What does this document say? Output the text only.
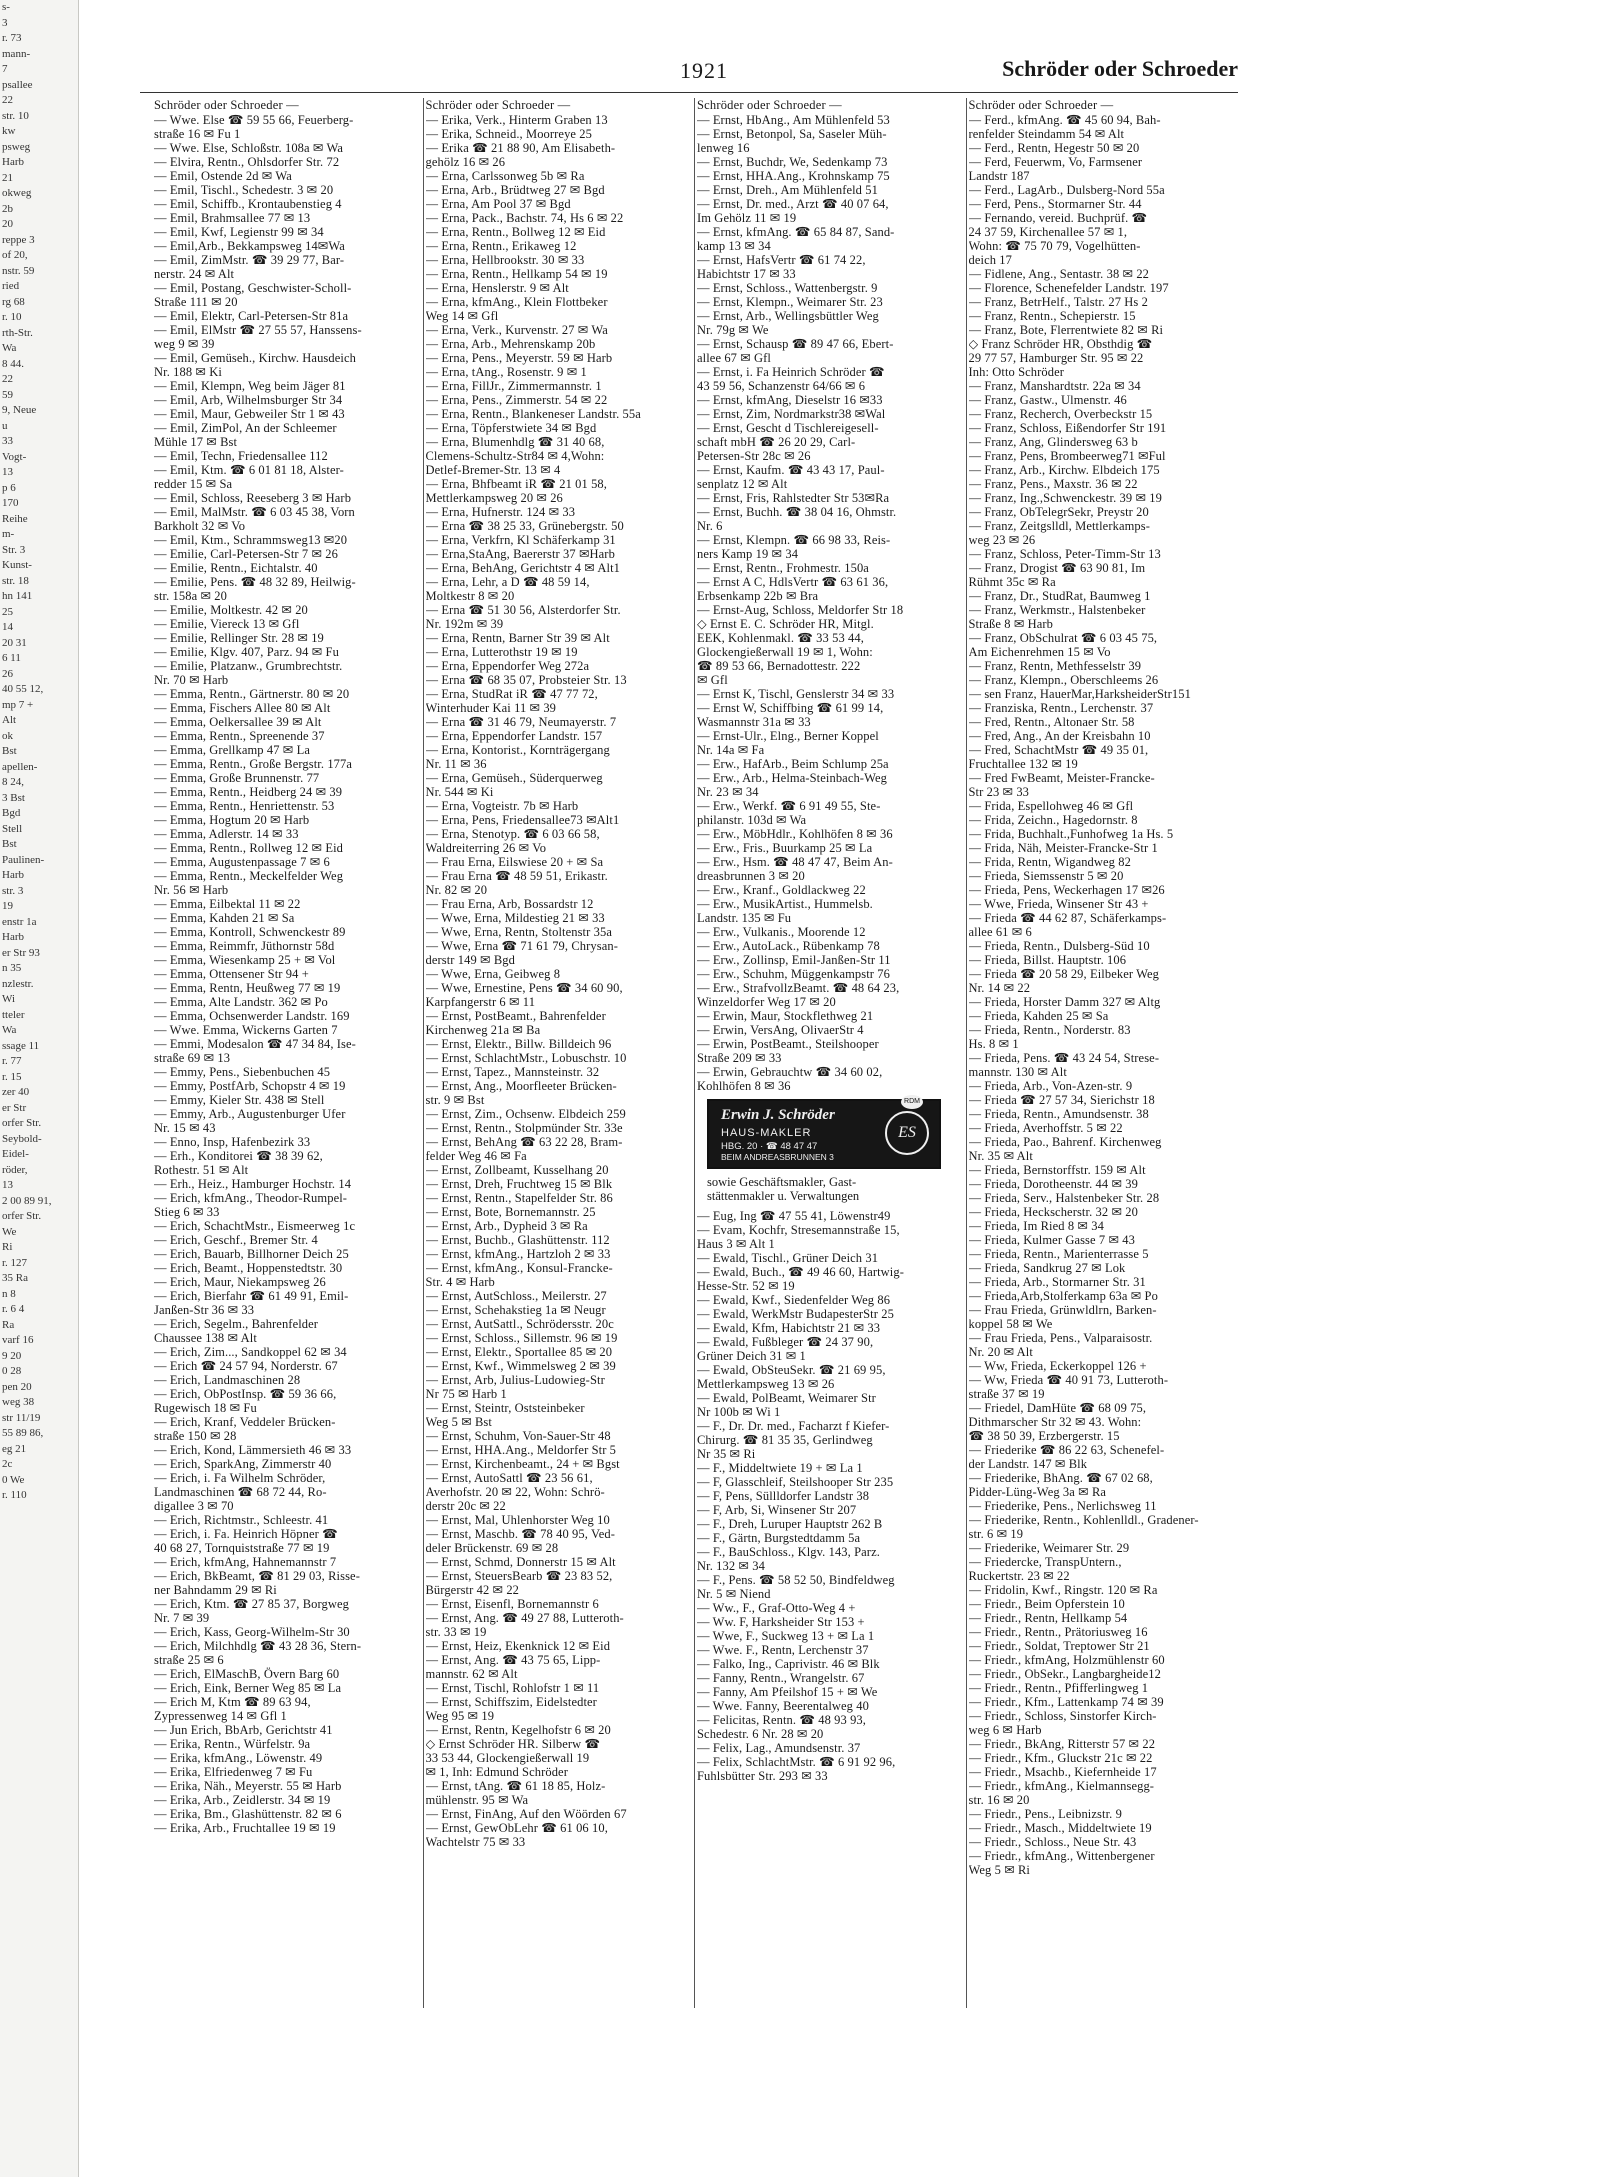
s-
3
r. 73
mann-
7
psallee
22
str. 10
kw
psweg
Harb
21
okweg
2b
20
reppe 3
of 20,
nstr. 59
ried
rg 68
r. 10
rth-Str.
Wa
8 44.
22
59
9, Neue
u
33
Vogt-
13
p 6
170
Reihe
m-
Str. 3
Kunst-
str. 18
hn 141
25
14
20 31
6 11
26
40 55 12,
mp 7 +
Alt
ok
Bst
apellen-
8 24,
3 Bst
Bgd
Stell
Bst
Paulinen-
Harb
str. 3
19
enstr 1a
Harb
er Str 93
n 35
nzlestr.
Wi
tteler
Wa
ssage 11
r. 77
r. 15
zer 40
er Str
orfer Str.
Seybold-
Eidel-
röder,
13
2 00 89 91,
orfer Str.
We
Ri
r. 127
35 Ra
n 8
r. 6 4
Ra
varf 16
9 20
0 28
pen 20
weg 38
str 11/19
55 89 86,
eg 21
2c
0 We
r. 110
1921	Schröder oder Schroeder
Schröder oder Schroeder —
— Wwe. Else ☎ 59 55 66, Feuerberg-
straße 16 ✉ Fu 1
— Wwe. Else, Schloßstr. 108a ✉ Wa
— Elvira, Rentn., Ohlsdorfer Str. 72
— Emil, Ostende 2d ✉ Wa
— Emil, Tischl., Schedestr. 3 ✉ 20
— Emil, Schiffb., Krontaubenstieg 4
— Emil, Brahmsallee 77 ✉ 13
— Emil, Kwf, Legienstr 99 ✉ 34
— Emil,Arb., Bekkampsweg 14✉Wa
— Emil, ZimMstr. ☎ 39 29 77, Bar-
nerstr. 24 ✉ Alt
— Emil, Postang, Geschwister-Scholl-
Straße 111 ✉ 20
— Emil, Elektr, Carl-Petersen-Str 81a
— Emil, ElMstr ☎ 27 55 57, Hanssens-
weg 9 ✉ 39
— Emil, Gemüseh., Kirchw. Hausdeich
Nr. 188 ✉ Ki
— Emil, Klempn, Weg beim Jäger 81
— Emil, Arb, Wilhelmsburger Str 34
— Emil, Maur, Gebweiler Str 1 ✉ 43
— Emil, ZimPol, An der Schleemer
Mühle 17 ✉ Bst
— Emil, Techn, Friedensallee 112
— Emil, Ktm. ☎ 6 01 81 18, Alster-
redder 15 ✉ Sa
— Emil, Schloss, Reeseberg 3 ✉ Harb
— Emil, MalMstr. ☎ 6 03 45 38, Vorn
Barkholt 32 ✉ Vo
— Emil, Ktm., Schrammsweg13 ✉20
— Emilie, Carl-Petersen-Str 7 ✉ 26
— Emilie, Rentn., Eichtalstr. 40
— Emilie, Pens. ☎ 48 32 89, Heilwig-
str. 158a ✉ 20
— Emilie, Moltkestr. 42 ✉ 20
— Emilie, Viereck 13 ✉ Gfl
— Emilie, Rellinger Str. 28 ✉ 19
— Emilie, Klgv. 407, Parz. 94 ✉ Fu
— Emilie, Platzanw., Grumbrechtstr.
Nr. 70 ✉ Harb
— Emma, Rentn., Gärtnerstr. 80 ✉ 20
— Emma, Fischers Allee 80 ✉ Alt
— Emma, Oelkersallee 39 ✉ Alt
— Emma, Rentn., Spreenende 37
— Emma, Grellkamp 47 ✉ La
— Emma, Rentn., Große Bergstr. 177a
— Emma, Große Brunnenstr. 77
— Emma, Rentn., Heidberg 24 ✉ 39
— Emma, Rentn., Henriettenstr. 53
— Emma, Hogtum 20 ✉ Harb
— Emma, Adlerstr. 14 ✉ 33
— Emma, Rentn., Rollweg 12 ✉ Eid
— Emma, Augustenpassage 7 ✉ 6
— Emma, Rentn., Meckelfelder Weg
Nr. 56 ✉ Harb
— Emma, Eilbektal 11 ✉ 22
— Emma, Kahden 21 ✉ Sa
— Emma, Kontroll, Schwenckestr 89
— Emma, Reimmfr, Jüthornstr 58d
— Emma, Wiesenkamp 25 + ✉ Vol
— Emma, Ottensener Str 94 +
— Emma, Rentn, Heußweg 77 ✉ 19
— Emma, Alte Landstr. 362 ✉ Po
— Emma, Ochsenwerder Landstr. 169
— Wwe. Emma, Wickerns Garten 7
— Emmi, Modesalon ☎ 47 34 84, Ise-
straße 69 ✉ 13
— Emmy, Pens., Siebenbuchen 45
— Emmy, PostfArb, Schopstr 4 ✉ 19
— Emmy, Kieler Str. 438 ✉ Stell
— Emmy, Arb., Augustenburger Ufer
Nr. 15 ✉ 43
— Enno, Insp, Hafenbezirk 33
— Erh., Konditorei ☎ 38 39 62,
Rothestr. 51 ✉ Alt
— Erh., Heiz., Hamburger Hochstr. 14
— Erich, kfmAng., Theodor-Rumpel-
Stieg 6 ✉ 33
— Erich, SchachtMstr., Eismeerweg 1c
— Erich, Geschf., Bremer Str. 4
— Erich, Bauarb, Billhorner Deich 25
— Erich, Beamt., Hoppenstedtstr. 30
— Erich, Maur, Niekampsweg 26
— Erich, Bierfahr ☎ 61 49 91, Emil-
Janßen-Str 36 ✉ 33
— Erich, Segelm., Bahrenfelder
Chaussee 138 ✉ Alt
— Erich, Zim..., Sandkoppel 62 ✉ 34
— Erich ☎ 24 57 94, Norderstr. 67
— Erich, Landmaschinen 28
— Erich, ObPostInsp. ☎ 59 36 66,
Rugewisch 18 ✉ Fu
— Erich, Kranf, Veddeler Brücken-
straße 150 ✉ 28
— Erich, Kond, Lämmersieth 46 ✉ 33
— Erich, SparkAng, Zimmerstr 40
— Erich, i. Fa Wilhelm Schröder,
Landmaschinen ☎ 68 72 44, Ro-
digallee 3 ✉ 70
— Erich, Richtmstr., Schleestr. 41
— Erich, i. Fa. Heinrich Höpner ☎
40 68 27, Tornquiststraße 77 ✉ 19
— Erich, kfmAng, Hahnemannstr 7
— Erich, BkBeamt, ☎ 81 29 03, Risse-
ner Bahndamm 29 ✉ Ri
— Erich, Ktm. ☎ 27 85 37, Borgweg
Nr. 7 ✉ 39
— Erich, Kass, Georg-Wilhelm-Str 30
— Erich, Milchhdlg ☎ 43 28 36, Stern-
straße 25 ✉ 6
— Erich, ElMaschB, Övern Barg 60
— Erich, Eink, Berner Weg 85 ✉ La
— Erich M, Ktm ☎ 89 63 94,
Zypressenweg 14 ✉ Gfl 1
— Jun Erich, BbArb, Gerichtstr 41
— Erika, Rentn., Würfelstr. 9a
— Erika, kfmAng., Löwenstr. 49
— Erika, Elfriedenweg 7 ✉ Fu
— Erika, Näh., Meyerstr. 55 ✉ Harb
— Erika, Arb., Zeidlerstr. 34 ✉ 19
— Erika, Bm., Glashüttenstr. 82 ✉ 6
— Erika, Arb., Fruchtallee 19 ✉ 19
Schröder oder Schroeder —
— Erika, Verk., Hinterm Graben 13
— Erika, Schneid., Moorreye 25
— Erika ☎ 21 88 90, Am Elisabeth-
gehölz 16 ✉ 26
— Erna, Carlssonweg 5b ✉ Ra
— Erna, Arb., Brüdtweg 27 ✉ Bgd
— Erna, Am Pool 37 ✉ Bgd
— Erna, Pack., Bachstr. 74, Hs 6 ✉ 22
— Erna, Rentn., Bollweg 12 ✉ Eid
— Erna, Rentn., Erikaweg 12
— Erna, Hellbrookstr. 30 ✉ 33
— Erna, Rentn., Hellkamp 54 ✉ 19
— Erna, Henslerstr. 9 ✉ Alt
— Erna, kfmAng., Klein Flottbeker
Weg 14 ✉ Gfl
— Erna, Verk., Kurvenstr. 27 ✉ Wa
— Erna, Arb., Mehrenskamp 20b
— Erna, Pens., Meyerstr. 59 ✉ Harb
— Erna, tAng., Rosenstr. 9 ✉ 1
— Erna, FillJr., Zimmermannstr. 1
— Erna, Pens., Zimmerstr. 54 ✉ 22
— Erna, Rentn., Blankeneser Landstr. 55a
— Erna, Töpferstwiete 34 ✉ Bgd
— Erna, Blumenhdlg ☎ 31 40 68,
Clemens-Schultz-Str84 ✉ 4,Wohn:
Detlef-Bremer-Str. 13 ✉ 4
— Erna, Bhfbeamt iR ☎ 21 01 58,
Mettlerkampsweg 20 ✉ 26
— Erna, Hufnerstr. 124 ✉ 33
— Erna ☎ 38 25 33, Grünebergstr. 50
— Erna, Verkfrn, Kl Schäferkamp 31
— Erna,StaAng, Baererstr 37 ✉Harb
— Erna, BehAng, Gerichtstr 4 ✉ Alt1
— Erna, Lehr, a D ☎ 48 59 14,
Moltkestr 8 ✉ 20
— Erna ☎ 51 30 56, Alsterdorfer Str.
Nr. 192m ✉ 39
— Erna, Rentn, Barner Str 39 ✉ Alt
— Erna, Lutterothstr 19 ✉ 19
— Erna, Eppendorfer Weg 272a
— Erna ☎ 68 35 07, Probsteier Str. 13
— Erna, StudRat iR ☎ 47 77 72,
Winterhuder Kai 11 ✉ 39
— Erna ☎ 31 46 79, Neumayerstr. 7
— Erna, Eppendorfer Landstr. 157
— Erna, Kontorist., Kornträgergang
Nr. 11 ✉ 36
— Erna, Gemüseh., Süderquerweg
Nr. 544 ✉ Ki
— Erna, Vogteistr. 7b ✉ Harb
— Erna, Pens, Friedensallee73 ✉Alt1
— Erna, Stenotyp. ☎ 6 03 66 58,
Waldreiterring 26 ✉ Vo
— Frau Erna, Eilswiese 20 + ✉ Sa
— Frau Erna ☎ 48 59 51, Erikastr.
Nr. 82 ✉ 20
— Frau Erna, Arb, Bossardstr 12
— Wwe, Erna, Mildestieg 21 ✉ 33
— Wwe, Erna, Rentn, Stoltenstr 35a
— Wwe, Erna ☎ 71 61 79, Chrysan-
derstr 149 ✉ Bgd
— Wwe, Erna, Geibweg 8
— Wwe, Ernestine, Pens ☎ 34 60 90,
Karpfangerstr 6 ✉ 11
— Ernst, PostBeamt., Bahrenfelder
Kirchenweg 21a ✉ Ba
— Ernst, Elektr., Billw. Billdeich 96
— Ernst, SchlachtMstr., Lobuschstr. 10
— Ernst, Tapez., Mannsteinstr. 32
— Ernst, Ang., Moorfleeter Brücken-
str. 9 ✉ Bst
— Ernst, Zim., Ochsenw. Elbdeich 259
— Ernst, Rentn., Stolpmünder Str. 33e
— Ernst, BehAng ☎ 63 22 28, Bram-
felder Weg 46 ✉ Fa
— Ernst, Zollbeamt, Kusselhang 20
— Ernst, Dreh, Fruchtweg 15 ✉ Blk
— Ernst, Rentn., Stapelfelder Str. 86
— Ernst, Bote, Bornemannstr. 25
— Ernst, Arb., Dypheid 3 ✉ Ra
— Ernst, Buchb., Glashüttenstr. 112
— Ernst, kfmAng., Hartzloh 2 ✉ 33
— Ernst, kfmAng., Konsul-Francke-
Str. 4 ✉ Harb
— Ernst, AutSchloss., Meilerstr. 27
— Ernst, Schehakstieg 1a ✉ Neugr
— Ernst, AutSattl., Schrödersstr. 20c
— Ernst, Schloss., Sillemstr. 96 ✉ 19
— Ernst, Elektr., Sportallee 85 ✉ 20
— Ernst, Kwf., Wimmelsweg 2 ✉ 39
— Ernst, Arb, Julius-Ludowieg-Str
Nr 75 ✉ Harb 1
— Ernst, Steintr, Oststeinbeker
Weg 5 ✉ Bst
— Ernst, Schuhm, Von-Sauer-Str 48
— Ernst, HHA.Ang., Meldorfer Str 5
— Ernst, Kirchenbeamt., 24 + ✉ Bgst
— Ernst, AutoSattl ☎ 23 56 61,
Averhofstr. 20 ✉ 22, Wohn: Schrö-
derstr 20c ✉ 22
— Ernst, Mal, Uhlenhorster Weg 10
— Ernst, Maschb. ☎ 78 40 95, Ved-
deler Brückenstr. 69 ✉ 28
— Ernst, Schmd, Donnerstr 15 ✉ Alt
— Ernst, SteuersBearb ☎ 23 83 52,
Bürgerstr 42 ✉ 22
— Ernst, Eisenfl, Bornemannstr 6
— Ernst, Ang. ☎ 49 27 88, Lutteroth-
str. 33 ✉ 19
— Ernst, Heiz, Ekenknick 12 ✉ Eid
— Ernst, Ang. ☎ 43 75 65, Lipp-
mannstr. 62 ✉ Alt
— Ernst, Tischl, Rohlofstr 1 ✉ 11
— Ernst, Schiffszim, Eidelstedter
Weg 95 ✉ 19
— Ernst, Rentn, Kegelhofstr 6 ✉ 20
◇ Ernst Schröder HR. Silberw ☎
33 53 44, Glockengießerwall 19
✉ 1, Inh: Edmund Schröder
— Ernst, tAng. ☎ 61 18 85, Holz-
mühlenstr. 95 ✉ Wa
— Ernst, FinAng, Auf den Wöörden 67
— Ernst, GewObLehr ☎ 61 06 10,
Wachtelstr 75 ✉ 33
Schröder oder Schroeder —
— Ernst, HbAng., Am Mühlenfeld 53
— Ernst, Betonpol, Sa, Saseler Müh-
lenweg 16
— Ernst, Buchdr, We, Sedenkamp 73
— Ernst, HHA.Ang., Krohnskamp 75
— Ernst, Dreh., Am Mühlenfeld 51
— Ernst, Dr. med., Arzt ☎ 40 07 64,
Im Gehölz 11 ✉ 19
— Ernst, kfmAng. ☎ 65 84 87, Sand-
kamp 13 ✉ 34
— Ernst, HafsVertr ☎ 61 74 22,
Habichtstr 17 ✉ 33
— Ernst, Schloss., Wattenbergstr. 9
— Ernst, Klempn., Weimarer Str. 23
— Ernst, Arb., Wellingsbüttler Weg
Nr. 79g ✉ We
— Ernst, Schausp ☎ 89 47 66, Ebert-
allee 67 ✉ Gfl
— Ernst, i. Fa Heinrich Schröder ☎
43 59 56, Schanzenstr 64/66 ✉ 6
— Ernst, kfmAng, Dieselstr 16 ✉33
— Ernst, Zim, Nordmarkstr38 ✉Wal
— Ernst, Gescht d Tischlereigesell-
schaft mbH ☎ 26 20 29, Carl-
Petersen-Str 28c ✉ 26
— Ernst, Kaufm. ☎ 43 43 17, Paul-
senplatz 12 ✉ Alt
— Ernst, Fris, Rahlstedter Str 53✉Ra
— Ernst, Buchh. ☎ 38 04 16, Ohmstr.
Nr. 6
— Ernst, Klempn. ☎ 66 98 33, Reis-
ners Kamp 19 ✉ 34
— Ernst, Rentn., Frohmestr. 150a
— Ernst A C, HdlsVertr ☎ 63 61 36,
Erbsenkamp 22b ✉ Bra
— Ernst-Aug, Schloss, Meldorfer Str 18
◇ Ernst E. C. Schröder HR, Mitgl.
EEK, Kohlenmakl. ☎ 33 53 44,
Glockengießerwall 19 ✉ 1, Wohn:
☎ 89 53 66, Bernadottestr. 222
✉ Gfl
— Ernst K, Tischl, Genslerstr 34 ✉ 33
— Ernst W, Schiffbing ☎ 61 99 14,
Wasmannstr 31a ✉ 33
— Ernst-Ulr., Elng., Berner Koppel
Nr. 14a ✉ Fa
— Erw., HafArb., Beim Schlump 25a
— Erw., Arb., Helma-Steinbach-Weg
Nr. 23 ✉ 34
— Erw., Werkf. ☎ 6 91 49 55, Ste-
philanstr. 103d ✉ Wa
— Erw., MöbHdlr., Kohlhöfen 8 ✉ 36
— Erw., Fris., Buurkamp 25 ✉ La
— Erw., Hsm. ☎ 48 47 47, Beim An-
dreasbrunnen 3 ✉ 20
— Erw., Kranf., Goldlackweg 22
— Erw., MusikArtist., Hummelsb.
Landstr. 135 ✉ Fu
— Erw., Vulkanis., Moorende 12
— Erw., AutoLack., Rübenkamp 78
— Erw., Zollinsp, Emil-Janßen-Str 11
— Erw., Schuhm, Müggenkampstr 76
— Erw., StrafvollzBeamt. ☎ 48 64 23,
Winzeldorfer Weg 17 ✉ 20
— Erwin, Maur, Stockflethweg 21
— Erwin, VersAng, OlivaerStr 4
— Erwin, PostBeamt., Steilshooper
Straße 209 ✉ 33
— Erwin, Gebrauchtw ☎ 34 60 02,
Kohlhöfen 8 ✉ 36
RDM
Erwin J. Schröder
HAUS-MAKLER
HBG. 20 · ☎ 48 47 47
BEIM ANDREASBRUNNEN 3
ES
sowie Geschäftsmakler, Gast-
stättenmakler u. Verwaltungen
— Eug, Ing ☎ 47 55 41, Löwenstr49
— Evam, Kochfr, Stresemannstraße 15,
Haus 3 ✉ Alt 1
— Ewald, Tischl., Grüner Deich 31
— Ewald, Buch., ☎ 49 46 60, Hartwig-
Hesse-Str. 52 ✉ 19
— Ewald, Kwf., Siedenfelder Weg 86
— Ewald, WerkMstr BudapesterStr 25
— Ewald, Kfm, Habichtstr 21 ✉ 33
— Ewald, Fußbleger ☎ 24 37 90,
Grüner Deich 31 ✉ 1
— Ewald, ObSteuSekr. ☎ 21 69 95,
Mettlerkampsweg 13 ✉ 26
— Ewald, PolBeamt, Weimarer Str
Nr 100b ✉ Wi 1
— F., Dr. Dr. med., Facharzt f Kiefer-
Chirurg. ☎ 81 35 35, Gerlindweg
Nr 35 ✉ Ri
— F., Middeltwiete 19 + ✉ La 1
— F, Glasschleif, Steilshooper Str 235
— F, Pens, Süllldorfer Landstr 38
— F, Arb, Si, Winsener Str 207
— F., Dreh, Luruper Hauptstr 262 B
— F., Gärtn, Burgstedtdamm 5a
— F., BauSchloss., Klgv. 143, Parz.
Nr. 132 ✉ 34
— F., Pens. ☎ 58 52 50, Bindfeldweg
Nr. 5 ✉ Niend
— Ww., F., Graf-Otto-Weg 4 +
— Ww. F, Harksheider Str 153 +
— Wwe, F., Suckweg 13 + ✉ La 1
— Wwe. F., Rentn, Lerchenstr 37
— Falko, Ing., Caprivistr. 46 ✉ Blk
— Fanny, Rentn., Wrangelstr. 67
— Fanny, Am Pfeilshof 15 + ✉ We
— Wwe. Fanny, Beerentalweg 40
— Felicitas, Rentn. ☎ 48 93 93,
Schedestr. 6 Nr. 28 ✉ 20
— Felix, Lag., Amundsenstr. 37
— Felix, SchlachtMstr. ☎ 6 91 92 96,
Fuhlsbütter Str. 293 ✉ 33
Schröder oder Schroeder —
— Ferd., kfmAng. ☎ 45 60 94, Bah-
renfelder Steindamm 54 ✉ Alt
— Ferd., Rentn, Hegestr 50 ✉ 20
— Ferd, Feuerwm, Vo, Farmsener
Landstr 187
— Ferd., LagArb., Dulsberg-Nord 55a
— Ferd, Pens., Stormarner Str. 44
— Fernando, vereid. Buchprüf. ☎
24 37 59, Kirchenallee 57 ✉ 1,
Wohn: ☎ 75 70 79, Vogelhütten-
deich 17
— Fidlene, Ang., Sentastr. 38 ✉ 22
— Florence, Schenefelder Landstr. 197
— Franz, BetrHelf., Talstr. 27 Hs 2
— Franz, Rentn., Schepierstr. 15
— Franz, Bote, Flerrentwiete 82 ✉ Ri
◇ Franz Schröder HR, Obsthdig ☎
29 77 57, Hamburger Str. 95 ✉ 22
Inh: Otto Schröder
— Franz, Manshardtstr. 22a ✉ 34
— Franz, Gastw., Ulmenstr. 46
— Franz, Recherch, Overbeckstr 15
— Franz, Schloss, Eißendorfer Str 191
— Franz, Ang, Glindersweg 63 b
— Franz, Pens, Brombeerweg71 ✉Ful
— Franz, Arb., Kirchw. Elbdeich 175
— Franz, Pens., Maxstr. 36 ✉ 22
— Franz, Ing.,Schwenckestr. 39 ✉ 19
— Franz, ObTelegrSekr, Preystr 20
— Franz, Zeitgslldl, Mettlerkamps-
weg 23 ✉ 26
— Franz, Schloss, Peter-Timm-Str 13
— Franz, Drogist ☎ 63 90 81, Im
Rühmt 35c ✉ Ra
— Franz, Dr., StudRat, Baumweg 1
— Franz, Werkmstr., Halstenbeker
Straße 8 ✉ Harb
— Franz, ObSchulrat ☎ 6 03 45 75,
Am Eichenrehmen 15 ✉ Vo
— Franz, Rentn, Methfesselstr 39
— Franz, Klempn., Oberschleems 26
— sen Franz, HauerMar,HarksheiderStr151
— Franziska, Rentn., Lerchenstr. 37
— Fred, Rentn., Altonaer Str. 58
— Fred, Ang., An der Kreisbahn 10
— Fred, SchachtMstr ☎ 49 35 01,
Fruchtallee 132 ✉ 19
— Fred FwBeamt, Meister-Francke-
Str 23 ✉ 33
— Frida, Espellohweg 46 ✉ Gfl
— Frida, Zeichn., Hagedornstr. 8
— Frida, Buchhalt.,Funhofweg 1a Hs. 5
— Frida, Näh, Meister-Francke-Str 1
— Frida, Rentn, Wigandweg 82
— Frieda, Siemssenstr 5 ✉ 20
— Frieda, Pens, Weckerhagen 17 ✉26
— Wwe, Frieda, Winsener Str 43 +
— Frieda ☎ 44 62 87, Schäferkamps-
allee 61 ✉ 6
— Frieda, Rentn., Dulsberg-Süd 10
— Frieda, Billst. Hauptstr. 106
— Frieda ☎ 20 58 29, Eilbeker Weg
Nr. 14 ✉ 22
— Frieda, Horster Damm 327 ✉ Altg
— Frieda, Kahden 25 ✉ Sa
— Frieda, Rentn., Norderstr. 83
Hs. 8 ✉ 1
— Frieda, Pens. ☎ 43 24 54, Strese-
mannstr. 130 ✉ Alt
— Frieda, Arb., Von-Azen-str. 9
— Frieda ☎ 27 57 34, Sierichstr 18
— Frieda, Rentn., Amundsenstr. 38
— Frieda, Averhoffstr. 5 ✉ 22
— Frieda, Pao., Bahrenf. Kirchenweg
Nr. 35 ✉ Alt
— Frieda, Bernstorffstr. 159 ✉ Alt
— Frieda, Dorotheenstr. 44 ✉ 39
— Frieda, Serv., Halstenbeker Str. 28
— Frieda, Heckscherstr. 32 ✉ 20
— Frieda, Im Ried 8 ✉ 34
— Frieda, Kulmer Gasse 7 ✉ 43
— Frieda, Rentn., Marienterrasse 5
— Frieda, Sandkrug 27 ✉ Lok
— Frieda, Arb., Stormarner Str. 31
— Frieda,Arb,Stolferkamp 63a ✉ Po
— Frau Frieda, Grünwldlrn, Barken-
koppel 58 ✉ We
— Frau Frieda, Pens., Valparaisostr.
Nr. 20 ✉ Alt
— Ww, Frieda, Eckerkoppel 126 +
— Ww, Frieda ☎ 40 91 73, Lutteroth-
straße 37 ✉ 19
— Friedel, DamHüte ☎ 68 09 75,
Dithmarscher Str 32 ✉ 43. Wohn:
☎ 38 50 39, Erzbergerstr. 15
— Friederike ☎ 86 22 63, Schenefel-
der Landstr. 147 ✉ Blk
— Friederike, BhAng. ☎ 67 02 68,
Pidder-Lüng-Weg 3a ✉ Ra
— Friederike, Pens., Nerlichsweg 11
— Friederike, Rentn., Kohlenlldl., Gradener-
str. 6 ✉ 19
— Friederike, Weimarer Str. 29
— Friedercke, TranspUntern.,
Ruckertstr. 23 ✉ 22
— Fridolin, Kwf., Ringstr. 120 ✉ Ra
— Friedr., Beim Opferstein 10
— Friedr., Rentn, Hellkamp 54
— Friedr., Rentn., Prätoriusweg 16
— Friedr., Soldat, Treptower Str 21
— Friedr., kfmAng, Holzmühlenstr 60
— Friedr., ObSekr., Langbargheide12
— Friedr., Rentn., Pfifferlingweg 1
— Friedr., Kfm., Lattenkamp 74 ✉ 39
— Friedr., Schloss, Sinstorfer Kirch-
weg 6 ✉ Harb
— Friedr., BkAng, Ritterstr 57 ✉ 22
— Friedr., Kfm., Gluckstr 21c ✉ 22
— Friedr., Msachb., Kiefernheide 17
— Friedr., kfmAng., Kielmannsegg-
str. 16 ✉ 20
— Friedr., Pens., Leibnizstr. 9
— Friedr., Masch., Middeltwiete 19
— Friedr., Schloss., Neue Str. 43
— Friedr., kfmAng., Wittenbergener
Weg 5 ✉ Ri
